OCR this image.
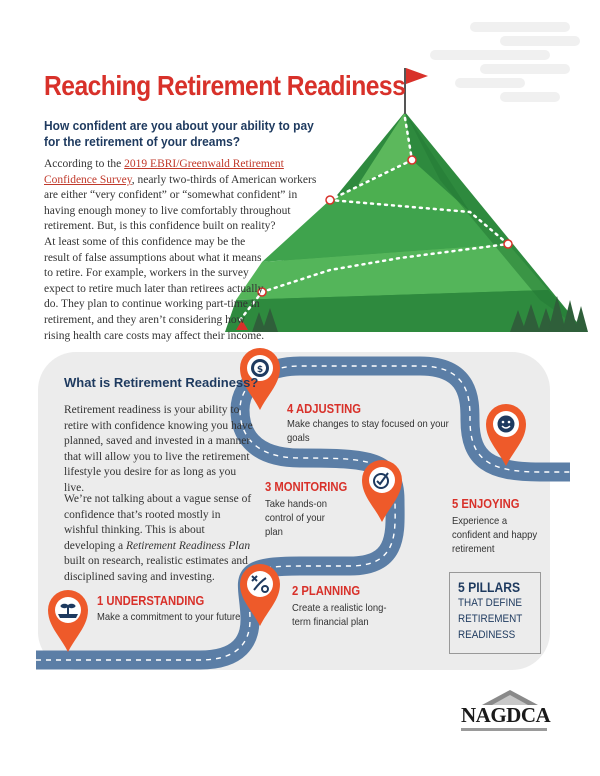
Reaching Retirement Readiness
How confident are you about your ability to pay for the retirement of your dreams?
According to the 2019 EBRI/Greenwald Retirement Confidence Survey, nearly two-thirds of American workers are either “very confident” or “somewhat confident” in having enough money to live comfortably throughout retirement. But, is this confidence built on reality?
At least some of this confidence may be the result of false assumptions about what it means to retire. For example, workers in the survey expect to retire much later than retirees actually do. They plan to continue working part-time in retirement, and they aren’t considering how rising health care costs may affect their income.
$
What is Retirement Readiness?
Retirement readiness is your ability to retire with confidence knowing you have planned, saved and invested in a manner that will allow you to live the retirement lifestyle you desire for as long as you live.
We’re not talking about a vague sense of confidence that’s rooted mostly in wishful thinking. This is about developing a Retirement Readiness Plan built on research, realistic estimates and disciplined saving and investing.
1 UNDERSTANDING
Make a commitment to your future
2 PLANNING
Create a realistic long-term financial plan
3 MONITORING
Take hands-on control of your plan
4 ADJUSTING
Make changes to stay focused on your goals
5 ENJOYING
Experience a confident and happy retirement
5 PILLARS
THAT DEFINE
RETIREMENT
READINESS
NAGDCA
